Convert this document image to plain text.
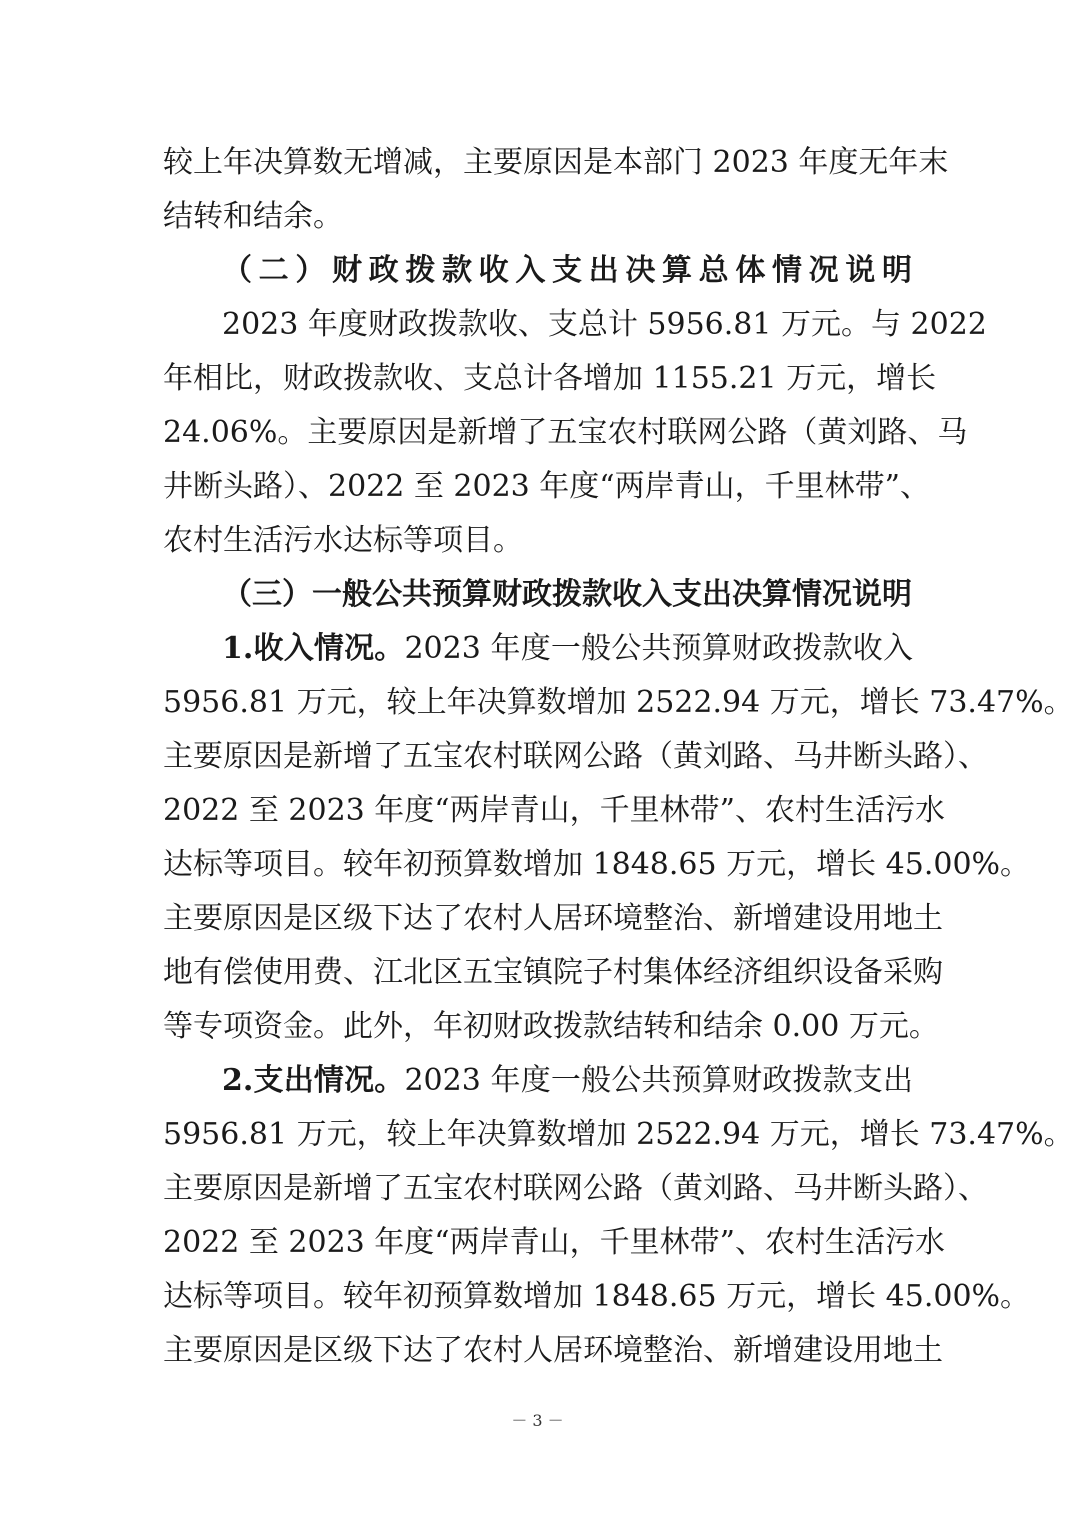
较上年决算数无增减，主要原因是本部门 2023 年度无年末
结转和结余。
（二）财政拨款收入支出决算总体情况说明
2023 年度财政拨款收、支总计 5956.81 万元。与 2022
年相比，财政拨款收、支总计各增加 1155.21 万元，增长
24.06%。主要原因是新增了五宝农村联网公路（黄刘路、马
井断头路）、2022 至 2023 年度“两岸青山，千里林带”、
农村生活污水达标等项目。
（三）一般公共预算财政拨款收入支出决算情况说明
1.收入情况。2023 年度一般公共预算财政拨款收入
5956.81 万元，较上年决算数增加 2522.94 万元，增长 73.47%。
主要原因是新增了五宝农村联网公路（黄刘路、马井断头路）、
2022 至 2023 年度“两岸青山，千里林带”、农村生活污水
达标等项目。较年初预算数增加 1848.65 万元，增长 45.00%。
主要原因是区级下达了农村人居环境整治、新增建设用地土
地有偿使用费、江北区五宝镇院子村集体经济组织设备采购
等专项资金。此外，年初财政拨款结转和结余 0.00 万元。
2.支出情况。2023 年度一般公共预算财政拨款支出
5956.81 万元，较上年决算数增加 2522.94 万元，增长 73.47%。
主要原因是新增了五宝农村联网公路（黄刘路、马井断头路）、
2022 至 2023 年度“两岸青山，千里林带”、农村生活污水
达标等项目。较年初预算数增加 1848.65 万元，增长 45.00%。
主要原因是区级下达了农村人居环境整治、新增建设用地土
－ 3 －
